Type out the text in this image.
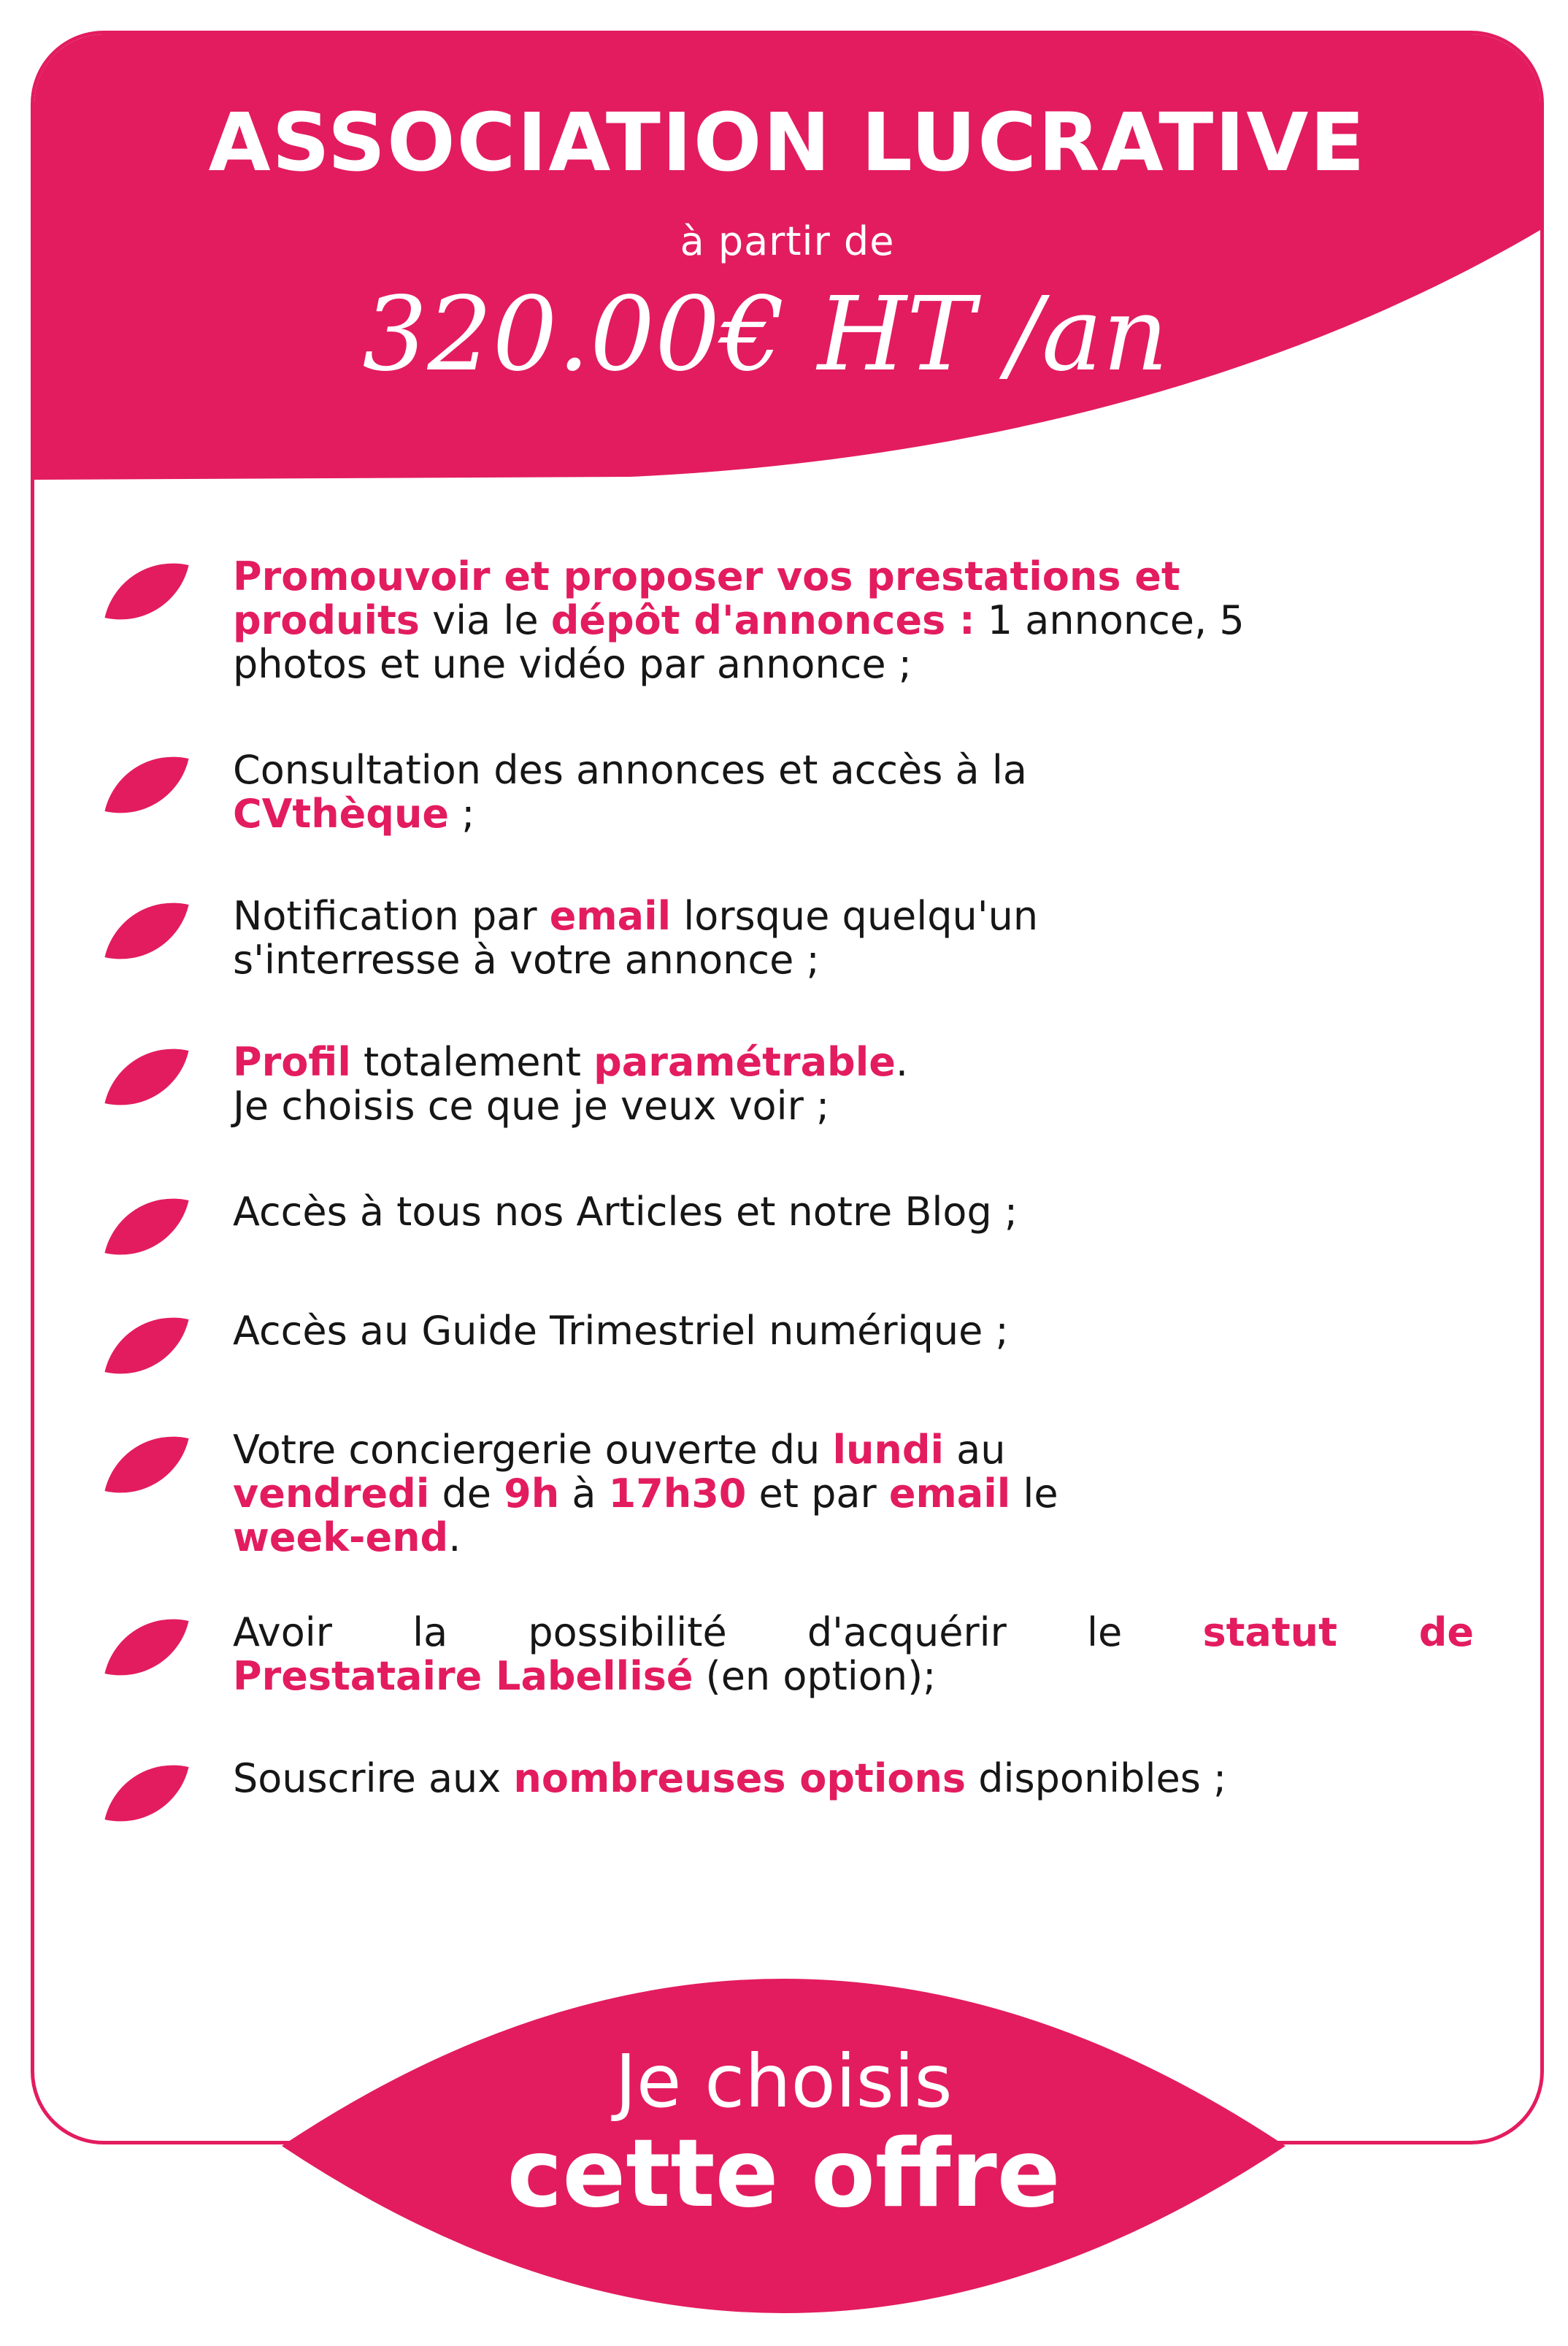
ASSOCIATION LUCRATIVE
à partir de
320.00€ HT /an
Promouvoir et proposer vos prestations et
produits via le dépôt d'annonces : 1 annonce, 5
photos et une vidéo par annonce ;
Consultation des annonces et accès à la
CVthèque ;
Notification par email lorsque quelqu'un
s'interresse à votre annonce ;
Profil totalement paramétrable.
Je choisis ce que je veux voir ;
Accès à tous nos Articles et notre Blog ;
Accès au Guide Trimestriel numérique ;
Votre conciergerie ouverte du lundi au
vendredi de 9h à 17h30 et par email le
week-end.
Avoir la possibilité d'acquérir le statut de
Prestataire Labellisé (en option);
Souscrire aux nombreuses options disponibles ;
Je choisis
cette offre
